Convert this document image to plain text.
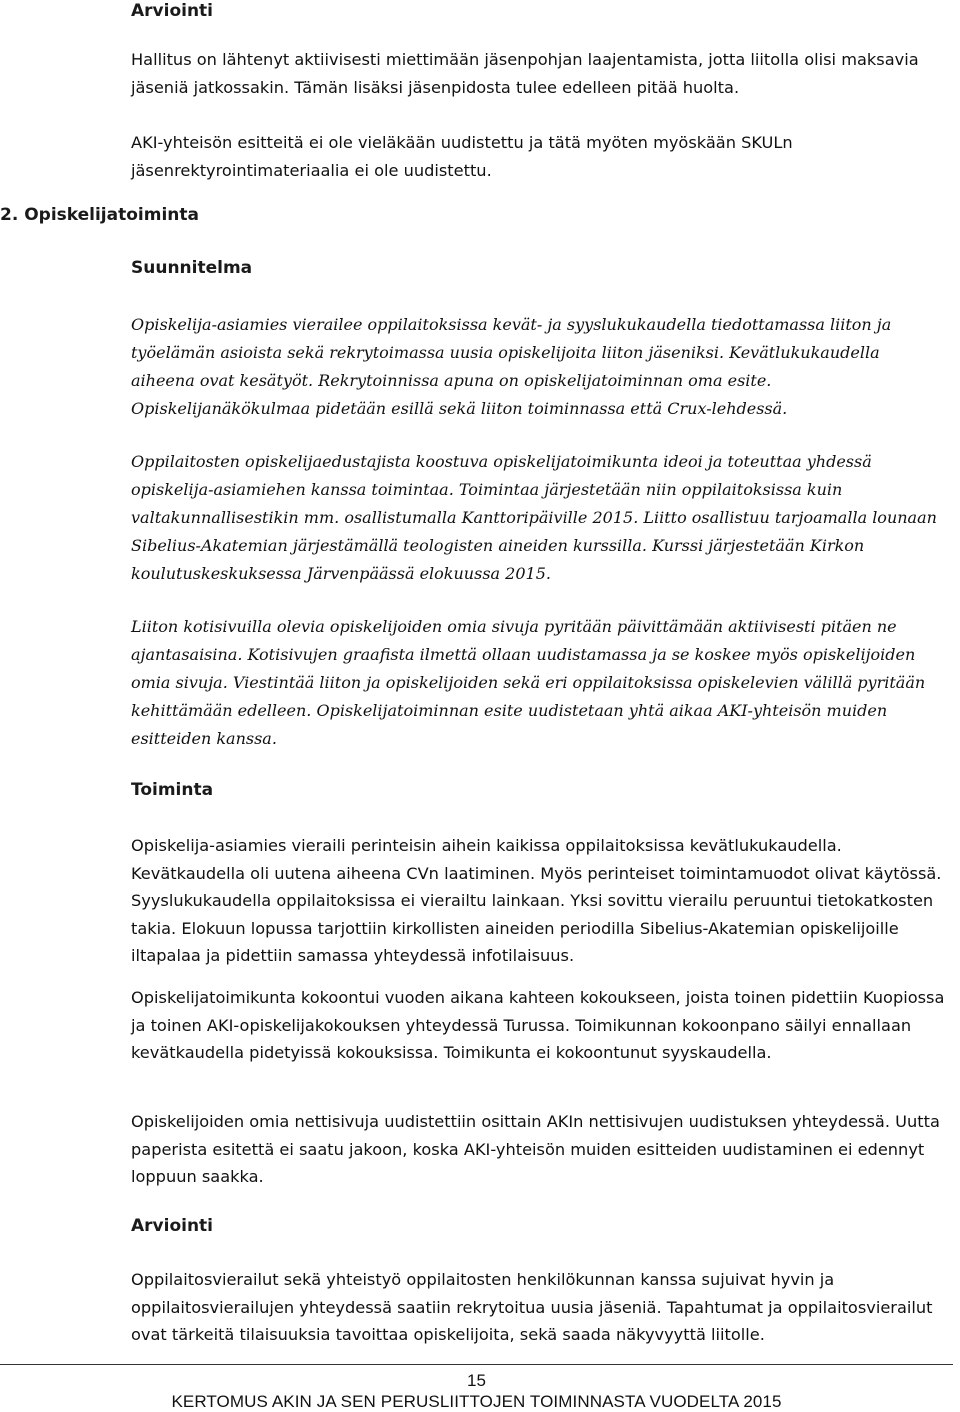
Arviointi

Hallitus on lähtenyt aktiivisesti miettimään jäsenpohjan laajentamista, jotta liitolla olisi maksavia jäseniä jatkossakin. Tämän lisäksi jäsenpidosta tulee edelleen pitää huolta.

AKI-yhteisön esitteitä ei ole vieläkään uudistettu ja tätä myöten myöskään SKULn jäsenrektyrointimateriaalia ei ole uudistettu.

2. Opiskelijatoiminta
Suunnitelma

Opiskelija-asiamies vierailee oppilaitoksissa kevät- ja syyslukukaudella tiedottamassa liiton ja työelämän asioista sekä rekrytoimassa uusia opiskelijoita liiton jäseniksi. Kevätlukukaudella aiheena ovat kesätyöt. Rekrytoinnissa apuna on opiskelijatoiminnan oma esite. Opiskelijanäkökulmaa pidetään esillä sekä liiton toiminnassa että Crux-lehdessä.

Oppilaitosten opiskelijaedustajista koostuva opiskelijatoimikunta ideoi ja toteuttaa yhdessä opiskelija-asiamiehen kanssa toimintaa. Toimintaa järjestetään niin oppilaitoksissa kuin valtakunnallisestikin mm. osallistumalla Kanttoripäiville 2015. Liitto osallistuu tarjoamalla lounaan Sibelius-Akatemian järjestämällä teologisten aineiden kurssilla. Kurssi järjestetään Kirkon koulutuskeskuksessa Järvenpäässä elokuussa 2015.

Liiton kotisivuilla olevia opiskelijoiden omia sivuja pyritään päivittämään aktiivisesti pitäen ne ajantasaisina. Kotisivujen graafista ilmettä ollaan uudistamassa ja se koskee myös opiskelijoiden omia sivuja. Viestintää liiton ja opiskelijoiden sekä eri oppilaitoksissa opiskelevien välillä pyritään kehittämään edelleen. Opiskelijatoiminnan esite uudistetaan yhtä aikaa AKI-yhteisön muiden esitteiden kanssa.

Toiminta

Opiskelija-asiamies vieraili perinteisin aihein kaikissa oppilaitoksissa kevätlukukaudella. Kevätkaudella oli uutena aiheena CVn laatiminen. Myös perinteiset toimintamuodot olivat käytössä. Syyslukukaudella oppilaitoksissa ei vierailtu lainkaan. Yksi sovittu vierailu peruuntui tietokatkosten takia. Elokuun lopussa tarjottiin kirkollisten aineiden periodilla Sibelius-Akatemian opiskelijoille iltapalaa ja pidettiin samassa yhteydessä infotilaisuus.

Opiskelijatoimikunta kokoontui vuoden aikana kahteen kokoukseen, joista toinen pidettiin Kuopiossa ja toinen AKI-opiskelijakokouksen yhteydessä Turussa. Toimikunnan kokoonpano säilyi ennallaan kevätkaudella pidetyissä kokouksissa. Toimikunta ei kokoontunut syyskaudella.

Opiskelijoiden omia nettisivuja uudistettiin osittain AKIn nettisivujen uudistuksen yhteydessä. Uutta paperista esitettä ei saatu jakoon, koska AKI-yhteisön muiden esitteiden uudistaminen ei edennyt loppuun saakka.

Arviointi

Oppilaitosvierailut sekä yhteistyö oppilaitosten henkilökunnan kanssa sujuivat hyvin ja oppilaitosvierailujen yhteydessä saatiin rekrytoitua uusia jäseniä. Tapahtumat ja oppilaitosvierailut ovat tärkeitä tilaisuuksia tavoittaa opiskelijoita, sekä saada näkyvyyttä liitolle.

15
KERTOMUS AKIN JA SEN PERUSLIITTOJEN TOIMINNASTA VUODELTA 2015
